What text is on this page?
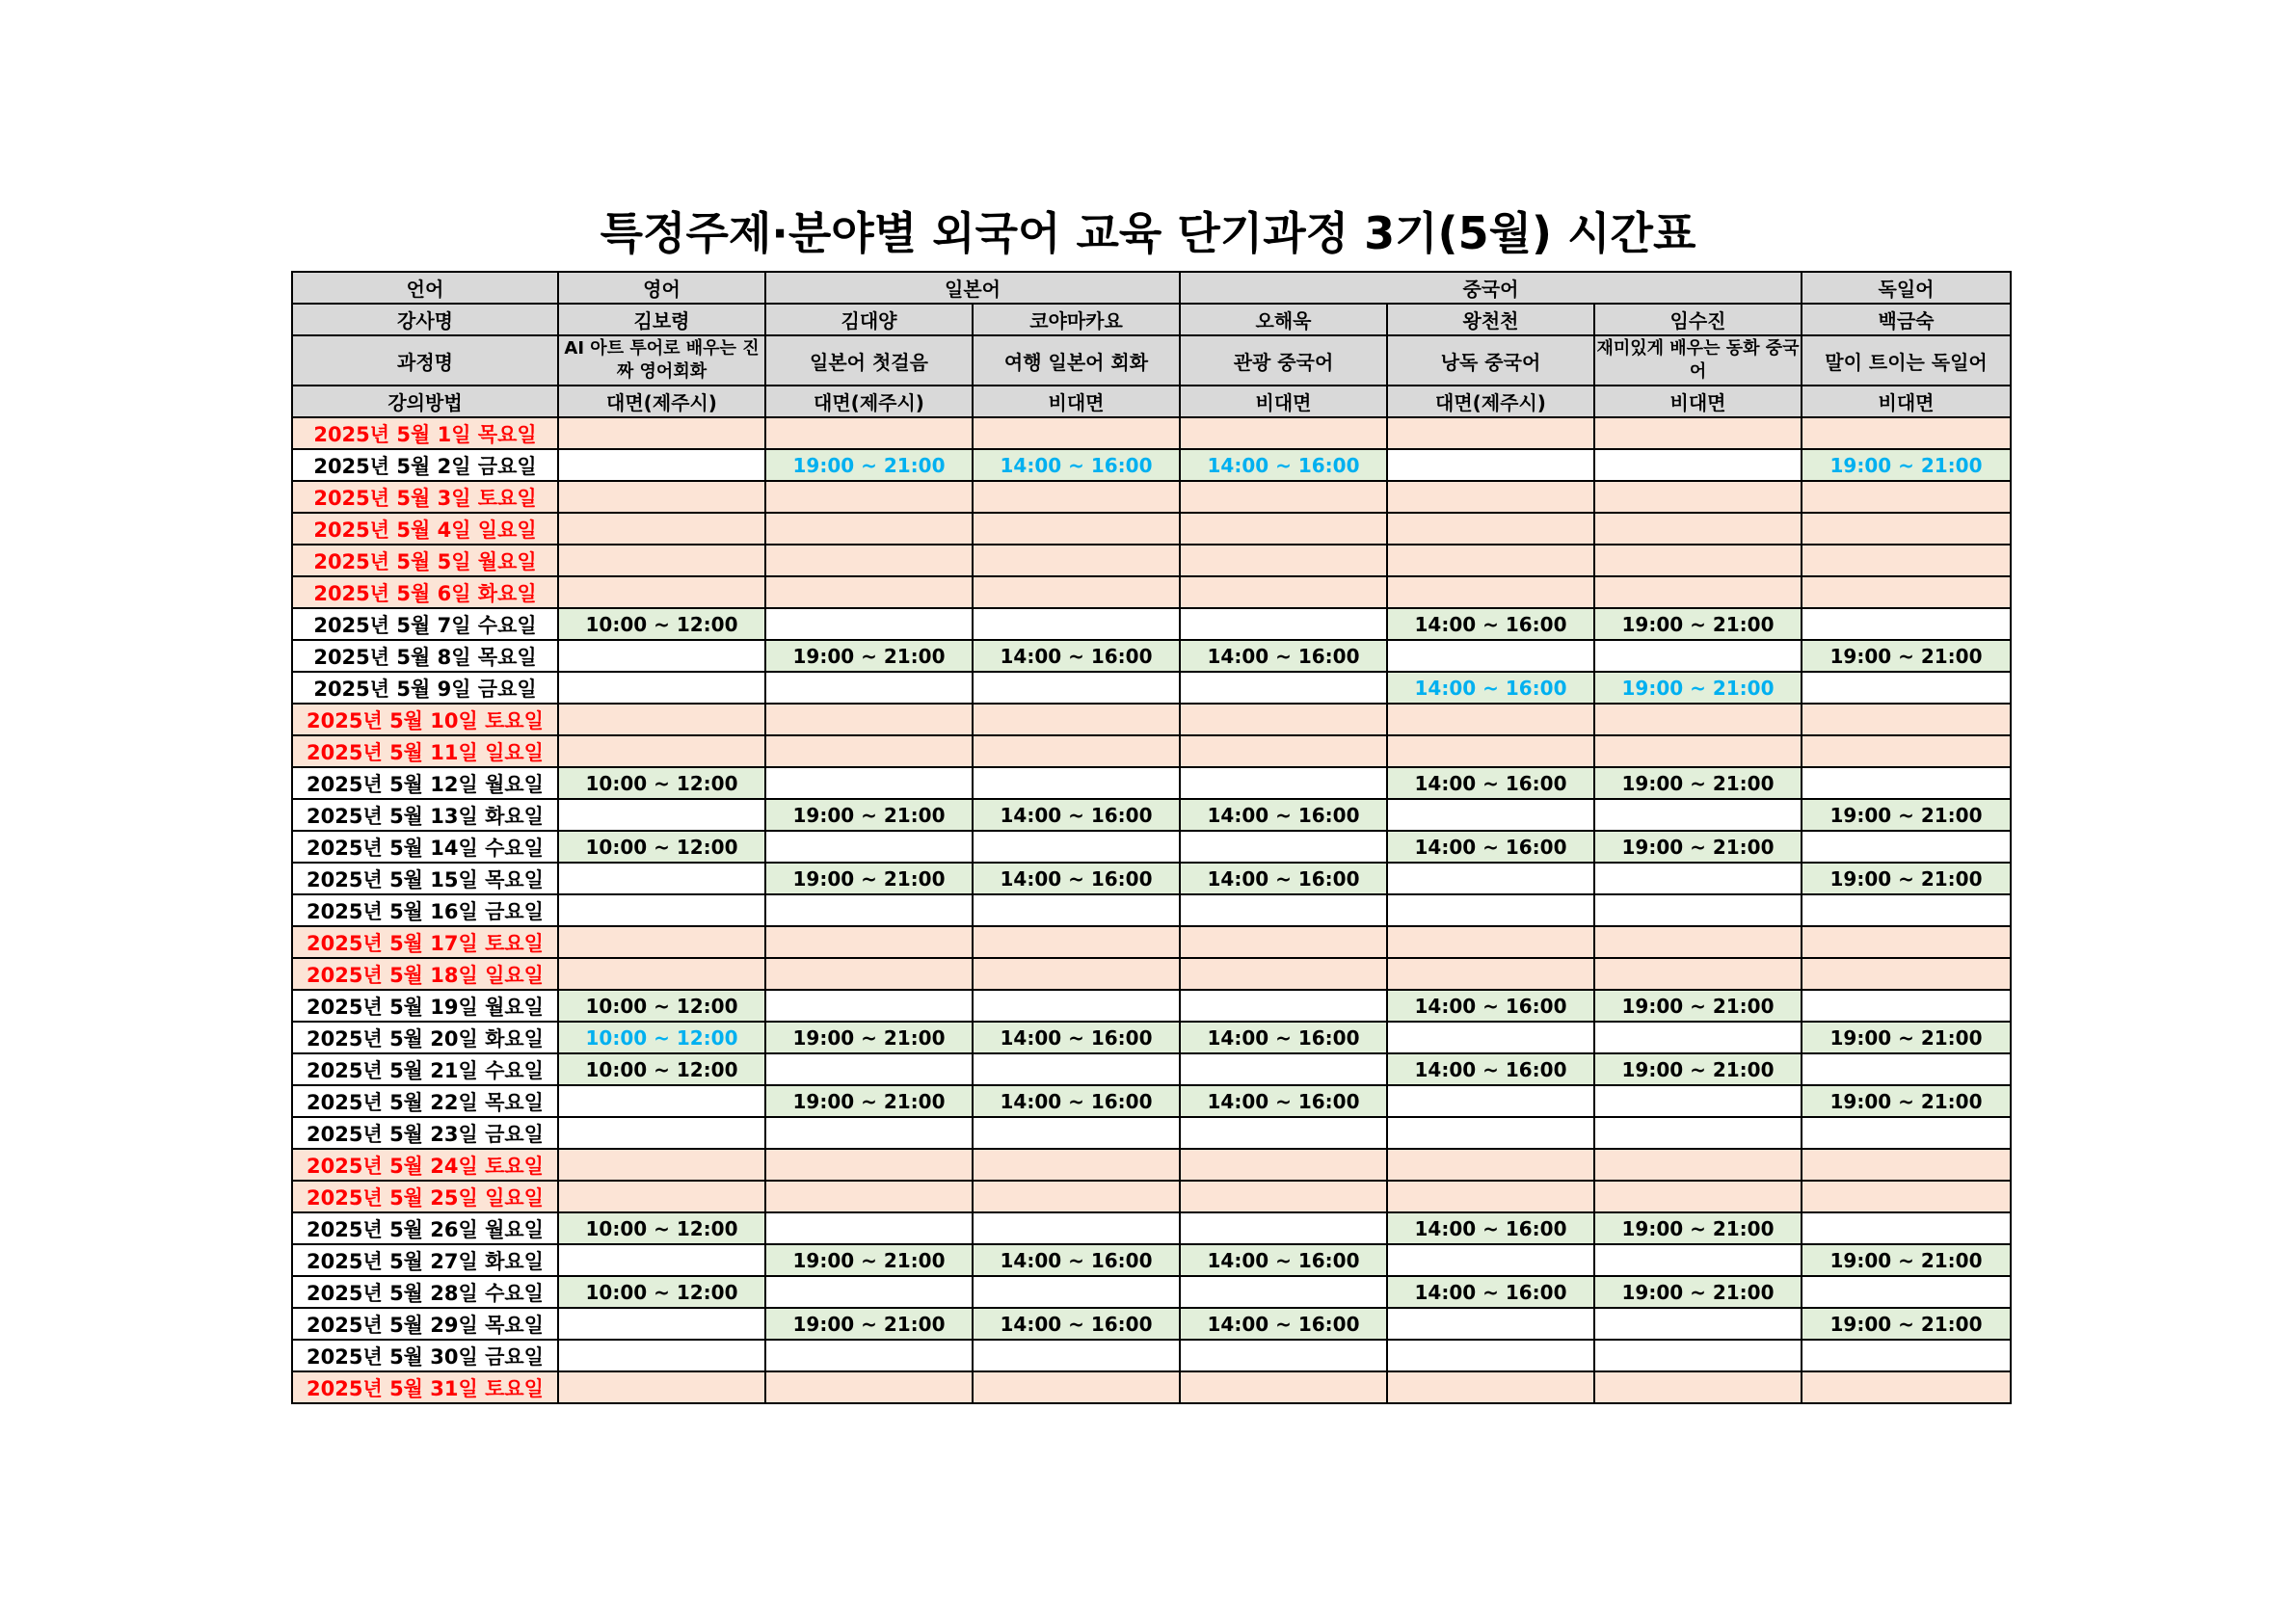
특정주제·분야별 외국어 교육 단기과정 3기(5월) 시간표
언어	영어	일본어		중국어			독일어
강사명	김보령	김대양	코야마카요	오해욱	왕천천	임수진	백금숙
과정명	AI 아트 투어로 배우는 진짜 영어회화	일본어 첫걸음	여행 일본어 회화	관광 중국어	낭독 중국어	재미있게 배우는 동화 중국어	말이 트이는 독일어
강의방법	대면(제주시)	대면(제주시)	비대면	비대면	대면(제주시)	비대면	비대면
2025년 5월 1일 목요일							
2025년 5월 2일 금요일		19:00 ~ 21:00	14:00 ~ 16:00	14:00 ~ 16:00			19:00 ~ 21:00
2025년 5월 3일 토요일							
2025년 5월 4일 일요일							
2025년 5월 5일 월요일							
2025년 5월 6일 화요일							
2025년 5월 7일 수요일	10:00 ~ 12:00				14:00 ~ 16:00	19:00 ~ 21:00	
2025년 5월 8일 목요일		19:00 ~ 21:00	14:00 ~ 16:00	14:00 ~ 16:00			19:00 ~ 21:00
2025년 5월 9일 금요일					14:00 ~ 16:00	19:00 ~ 21:00	
2025년 5월 10일 토요일							
2025년 5월 11일 일요일							
2025년 5월 12일 월요일	10:00 ~ 12:00				14:00 ~ 16:00	19:00 ~ 21:00	
2025년 5월 13일 화요일		19:00 ~ 21:00	14:00 ~ 16:00	14:00 ~ 16:00			19:00 ~ 21:00
2025년 5월 14일 수요일	10:00 ~ 12:00				14:00 ~ 16:00	19:00 ~ 21:00	
2025년 5월 15일 목요일		19:00 ~ 21:00	14:00 ~ 16:00	14:00 ~ 16:00			19:00 ~ 21:00
2025년 5월 16일 금요일							
2025년 5월 17일 토요일							
2025년 5월 18일 일요일							
2025년 5월 19일 월요일	10:00 ~ 12:00				14:00 ~ 16:00	19:00 ~ 21:00	
2025년 5월 20일 화요일	10:00 ~ 12:00	19:00 ~ 21:00	14:00 ~ 16:00	14:00 ~ 16:00			19:00 ~ 21:00
2025년 5월 21일 수요일	10:00 ~ 12:00				14:00 ~ 16:00	19:00 ~ 21:00	
2025년 5월 22일 목요일		19:00 ~ 21:00	14:00 ~ 16:00	14:00 ~ 16:00			19:00 ~ 21:00
2025년 5월 23일 금요일							
2025년 5월 24일 토요일							
2025년 5월 25일 일요일							
2025년 5월 26일 월요일	10:00 ~ 12:00				14:00 ~ 16:00	19:00 ~ 21:00	
2025년 5월 27일 화요일		19:00 ~ 21:00	14:00 ~ 16:00	14:00 ~ 16:00			19:00 ~ 21:00
2025년 5월 28일 수요일	10:00 ~ 12:00				14:00 ~ 16:00	19:00 ~ 21:00	
2025년 5월 29일 목요일		19:00 ~ 21:00	14:00 ~ 16:00	14:00 ~ 16:00			19:00 ~ 21:00
2025년 5월 30일 금요일							
2025년 5월 31일 토요일							
